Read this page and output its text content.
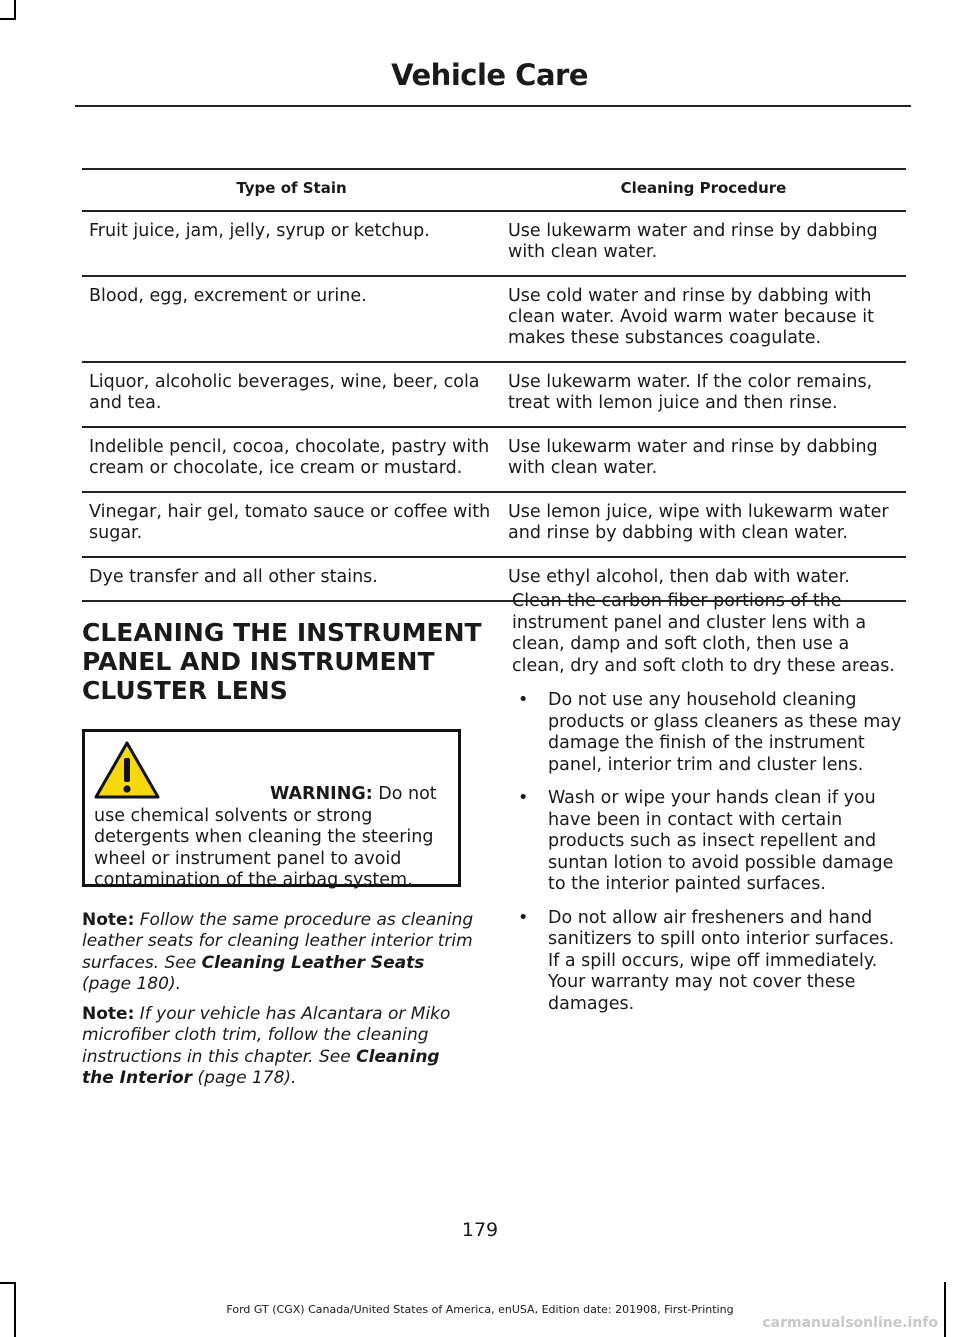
Vehicle Care
Type of Stain	Cleaning Procedure
Fruit juice, jam, jelly, syrup or ketchup.	Use lukewarm water and rinse by dabbing with clean water.
Blood, egg, excrement or urine.	Use cold water and rinse by dabbing with clean water. Avoid warm water because it makes these substances coagulate.
Liquor, alcoholic beverages, wine, beer, cola and tea.	Use lukewarm water. If the color remains, treat with lemon juice and then rinse.
Indelible pencil, cocoa, chocolate, pastry with cream or chocolate, ice cream or mustard.	Use lukewarm water and rinse by dabbing with clean water.
Vinegar, hair gel, tomato sauce or coffee with sugar.	Use lemon juice, wipe with lukewarm water and rinse by dabbing with clean water.
Dye transfer and all other stains.	Use ethyl alcohol, then dab with water.
CLEANING THE INSTRUMENT PANEL AND INSTRUMENT CLUSTER LENS
WARNING: Do not use chemical solvents or strong detergents when cleaning the steering wheel or instrument panel to avoid contamination of the airbag system.
Note: Follow the same procedure as cleaning leather seats for cleaning leather interior trim surfaces. See Cleaning Leather Seats (page 180).
Note: If your vehicle has Alcantara or Miko microfiber cloth trim, follow the cleaning instructions in this chapter. See Cleaning the Interior (page 178).

Clean the carbon fiber portions of the instrument panel and cluster lens with a clean, damp and soft cloth, then use a clean, dry and soft cloth to dry these areas.

• Do not use any household cleaning products or glass cleaners as these may damage the finish of the instrument panel, interior trim and cluster lens.
• Wash or wipe your hands clean if you have been in contact with certain products such as insect repellent and suntan lotion to avoid possible damage to the interior painted surfaces.
• Do not allow air fresheners and hand sanitizers to spill onto interior surfaces. If a spill occurs, wipe off immediately. Your warranty may not cover these damages.
179
Ford GT (CGX) Canada/United States of America, enUSA, Edition date: 201908, First-Printing
carmanualsonline.info
